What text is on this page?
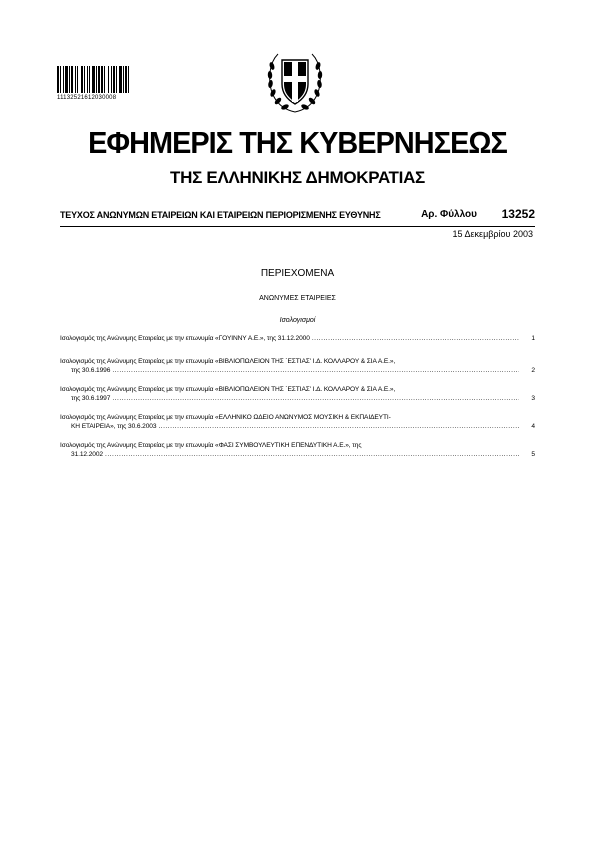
11132521612030008
ΕΦΗΜΕΡΙΣ ΤΗΣ ΚΥΒΕΡΝΗΣΕΩΣ
ΤΗΣ ΕΛΛΗΝΙΚΗΣ ΔΗΜΟΚΡΑΤΙΑΣ
ΤΕΥΧΟΣ ΑΝΩΝΥΜΩΝ ΕΤΑΙΡΕΙΩΝ ΚΑΙ ΕΤΑΙΡΕΙΩΝ ΠΕΡΙΟΡΙΣΜΕΝΗΣ ΕΥΘΥΝΗΣ	Αρ. Φύλλου 13252
15 Δεκεμβρίου 2003
ΠΕΡΙΕΧΟΜΕΝΑ
ΑΝΩΝΥΜΕΣ ΕΤΑΙΡΕΙΕΣ
Ισολογισμοί
Ισολογισμός της Ανώνυμης Εταιρείας με την επωνυμία «ΓΟΥΙΝΝΥ Α.Ε.», της 31.12.2000 .....	1
Ισολογισμός της Ανώνυμης Εταιρείας με την επωνυμία «ΒΙΒΛΙΟΠΩΛΕΙΟΝ ΤΗΣ `ΕΣΤΙΑΣ' Ι.Δ. ΚΟΛΛΑΡΟΥ & ΣΙΑ Α.Ε.»,
της 30.6.1996 .....	2
Ισολογισμός της Ανώνυμης Εταιρείας με την επωνυμία «ΒΙΒΛΙΟΠΩΛΕΙΟΝ ΤΗΣ `ΕΣΤΙΑΣ' Ι.Δ. ΚΟΛΛΑΡΟΥ & ΣΙΑ Α.Ε.»,
της 30.6.1997 .....	3
Ισολογισμός της Ανώνυμης Εταιρείας με την επωνυμία «ΕΛΛΗΝΙΚΟ ΩΔΕΙΟ ΑΝΩΝΥΜΟΣ ΜΟΥΣΙΚΗ & ΕΚΠΑΙΔΕΥΤΙ-
ΚΗ ΕΤΑΙΡΕΙΑ», της 30.6.2003 .....	4
Ισολογισμός της Ανώνυμης Εταιρείας με την επωνυμία «ΦΑΣΙ ΣΥΜΒΟΥΛΕΥΤΙΚΗ ΕΠΕΝΔΥΤΙΚΗ Α.Ε.», της
31.12.2002 .....	5
